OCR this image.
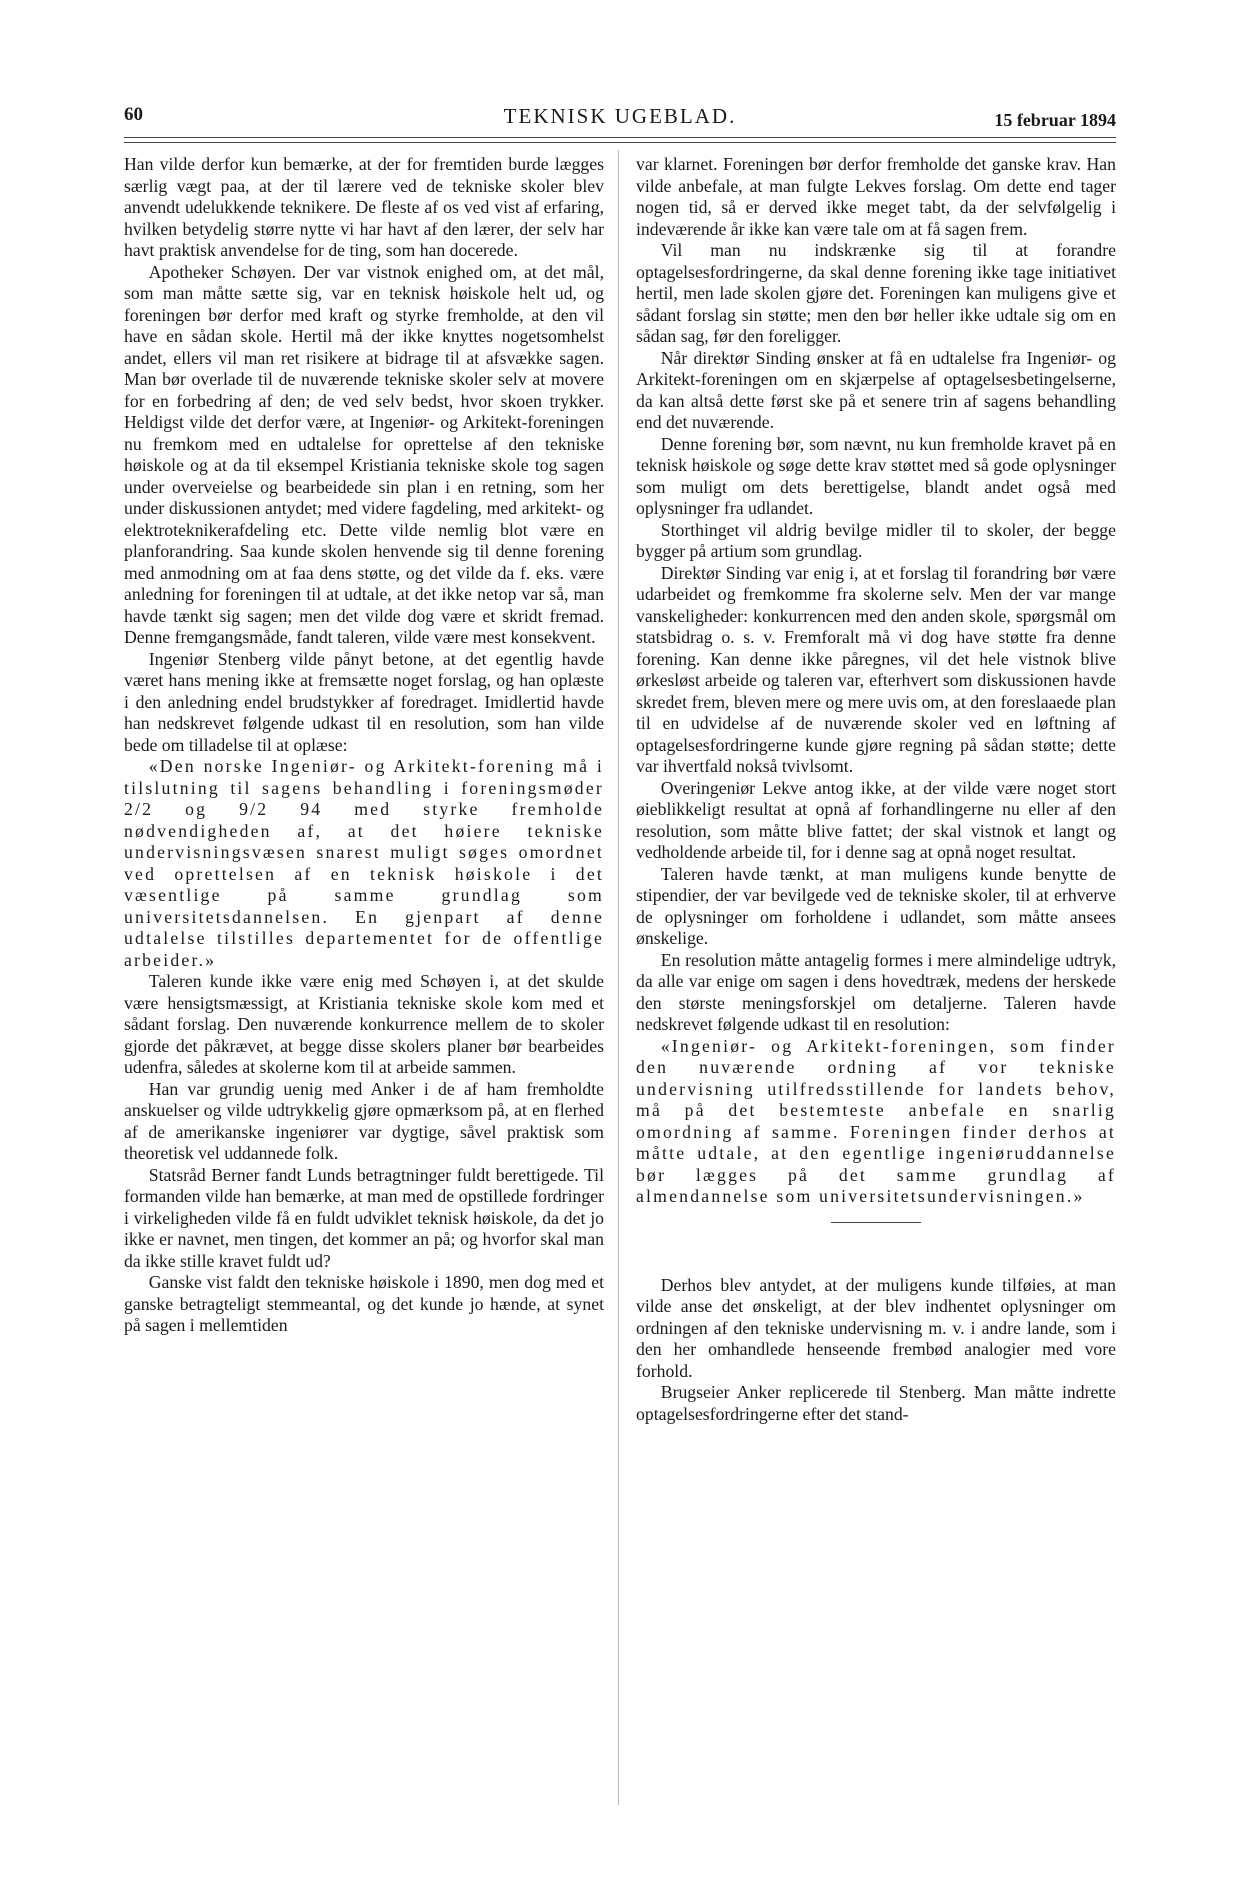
60	TEKNISK UGEBLAD.	15 februar 1894

Han vilde derfor kun bemærke, at der for fremtiden burde lægges særlig vægt paa, at der til lærere ved de tekniske skoler blev anvendt udelukkende teknikere. De fleste af os ved vist af erfaring, hvilken betydelig større nytte vi har havt af den lærer, der selv har havt praktisk anvendelse for de ting, som han docerede.

Apotheker Schøyen. Der var vistnok enighed om, at det mål, som man måtte sætte sig, var en teknisk høiskole helt ud, og foreningen bør derfor med kraft og styrke fremholde, at den vil have en sådan skole. Hertil må der ikke knyttes nogetsomhelst andet, ellers vil man ret risikere at bidrage til at afsvække sagen. Man bør overlade til de nuværende tekniske skoler selv at movere for en forbedring af den; de ved selv bedst, hvor skoen trykker. Heldigst vilde det derfor være, at Ingeniør- og Arkitekt-foreningen nu fremkom med en udtalelse for oprettelse af den tekniske høiskole og at da til eksempel Kristiania tekniske skole tog sagen under overveielse og bearbeidede sin plan i en retning, som her under diskussionen antydet; med videre fagdeling, med arkitekt- og elektroteknikerafdeling etc. Dette vilde nemlig blot være en planforandring. Saa kunde skolen henvende sig til denne forening med anmodning om at faa dens støtte, og det vilde da f. eks. være anledning for foreningen til at udtale, at det ikke netop var så, man havde tænkt sig sagen; men det vilde dog være et skridt fremad. Denne fremgangsmåde, fandt taleren, vilde være mest konsekvent.

Ingeniør Stenberg vilde pånyt betone, at det egentlig havde været hans mening ikke at fremsætte noget forslag, og han oplæste i den anledning endel brudstykker af foredraget. Imidlertid havde han nedskrevet følgende udkast til en resolution, som han vilde bede om tilladelse til at oplæse:

«Den norske Ingeniør- og Arkitekt-forening må i tilslutning til sagens behandling i foreningsmøder 2/2 og 9/2 94 med styrke fremholde nødvendigheden af, at det høiere tekniske undervisningsvæsen snarest muligt søges omordnet ved oprettelsen af en teknisk høiskole i det væsentlige på samme grundlag som universitetsdannelsen. En gjenpart af denne udtalelse tilstilles departementet for de offentlige arbeider.»

Taleren kunde ikke være enig med Schøyen i, at det skulde være hensigtsmæssigt, at Kristiania tekniske skole kom med et sådant forslag. Den nuværende konkurrence mellem de to skoler gjorde det påkrævet, at begge disse skolers planer bør bearbeides udenfra, således at skolerne kom til at arbeide sammen.

Han var grundig uenig med Anker i de af ham fremholdte anskuelser og vilde udtrykkelig gjøre opmærksom på, at en flerhed af de amerikanske ingeniører var dygtige, såvel praktisk som theoretisk vel uddannede folk.

Statsråd Berner fandt Lunds betragtninger fuldt berettigede. Til formanden vilde han bemærke, at man med de opstillede fordringer i virkeligheden vilde få en fuldt udviklet teknisk høiskole, da det jo ikke er navnet, men tingen, det kommer an på; og hvorfor skal man da ikke stille kravet fuldt ud?

Ganske vist faldt den tekniske høiskole i 1890, men dog med et ganske betragteligt stemmeantal, og det kunde jo hænde, at synet på sagen i mellemtiden

var klarnet. Foreningen bør derfor fremholde det ganske krav. Han vilde anbefale, at man fulgte Lekves forslag. Om dette end tager nogen tid, så er derved ikke meget tabt, da der selvfølgelig i indeværende år ikke kan være tale om at få sagen frem.

Vil man nu indskrænke sig til at forandre optagelsesfordringerne, da skal denne forening ikke tage initiativet hertil, men lade skolen gjøre det. Foreningen kan muligens give et sådant forslag sin støtte; men den bør heller ikke udtale sig om en sådan sag, før den foreligger.

Når direktør Sinding ønsker at få en udtalelse fra Ingeniør- og Arkitekt-foreningen om en skjærpelse af optagelsesbetingelserne, da kan altså dette først ske på et senere trin af sagens behandling end det nuværende.

Denne forening bør, som nævnt, nu kun fremholde kravet på en teknisk høiskole og søge dette krav støttet med så gode oplysninger som muligt om dets berettigelse, blandt andet også med oplysninger fra udlandet.

Storthinget vil aldrig bevilge midler til to skoler, der begge bygger på artium som grundlag.

Direktør Sinding var enig i, at et forslag til forandring bør være udarbeidet og fremkomme fra skolerne selv. Men der var mange vanskeligheder: konkurrencen med den anden skole, spørgsmål om statsbidrag o. s. v. Fremforalt må vi dog have støtte fra denne forening. Kan denne ikke påregnes, vil det hele vistnok blive ørkesløst arbeide og taleren var, efterhvert som diskussionen havde skredet frem, bleven mere og mere uvis om, at den foreslaaede plan til en udvidelse af de nuværende skoler ved en løftning af optagelsesfordringerne kunde gjøre regning på sådan støtte; dette var ihvertfald nokså tvivlsomt.

Overingeniør Lekve antog ikke, at der vilde være noget stort øieblikkeligt resultat at opnå af forhandlingerne nu eller af den resolution, som måtte blive fattet; der skal vistnok et langt og vedholdende arbeide til, for i denne sag at opnå noget resultat.

Taleren havde tænkt, at man muligens kunde benytte de stipendier, der var bevilgede ved de tekniske skoler, til at erhverve de oplysninger om forholdene i udlandet, som måtte ansees ønskelige.

En resolution måtte antagelig formes i mere almindelige udtryk, da alle var enige om sagen i dens hovedtræk, medens der herskede den største meningsforskjel om detaljerne. Taleren havde nedskrevet følgende udkast til en resolution:

«Ingeniør- og Arkitekt-foreningen, som finder den nuværende ordning af vor tekniske undervisning utilfredsstillende for landets behov, må på det bestemteste anbefale en snarlig omordning af samme. Foreningen finder derhos at måtte udtale, at den egentlige ingeniøruddannelse bør lægges på det samme grundlag af almendannelse som universitetsundervisningen.»

Derhos blev antydet, at der muligens kunde tilføies, at man vilde anse det ønskeligt, at der blev indhentet oplysninger om ordningen af den tekniske undervisning m. v. i andre lande, som i den her omhandlede henseende frembød analogier med vore forhold.

Brugseier Anker replicerede til Stenberg. Man måtte indrette optagelsesfordringerne efter det stand-
